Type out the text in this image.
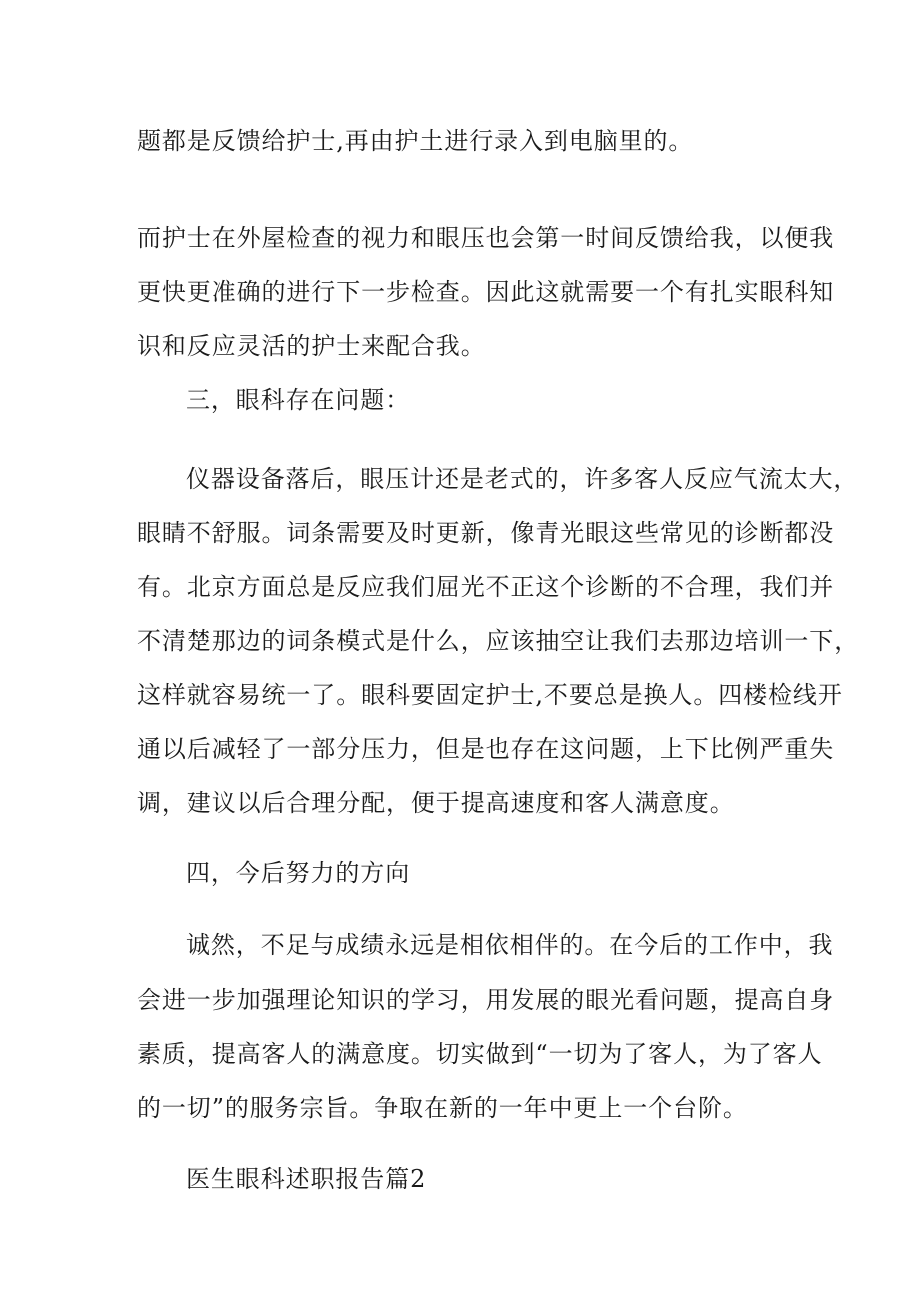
题都是反馈给护士,再由护土进行录入到电脑里的。
而护士在外屋检查的视力和眼压也会第一时间反馈给我，以便我
更快更准确的进行下一步检查。因此这就需要一个有扎实眼科知
识和反应灵活的护士来配合我。
三，眼科存在问题：
仪器设备落后，眼压计还是老式的，许多客人反应气流太大，
眼睛不舒服。词条需要及时更新，像青光眼这些常见的诊断都没
有。北京方面总是反应我们屈光不正这个诊断的不合理，我们并
不清楚那边的词条模式是什么，应该抽空让我们去那边培训一下，
这样就容易统一了。眼科要固定护士,不要总是换人。四楼检线开
通以后减轻了一部分压力，但是也存在这问题，上下比例严重失
调，建议以后合理分配，便于提高速度和客人满意度。
四，今后努力的方向
诚然，不足与成绩永远是相依相伴的。在今后的工作中，我
会进一步加强理论知识的学习，用发展的眼光看问题，提高自身
素质，提高客人的满意度。切实做到“一切为了客人，为了客人
的一切”的服务宗旨。争取在新的一年中更上一个台阶。
医生眼科述职报告篇2
